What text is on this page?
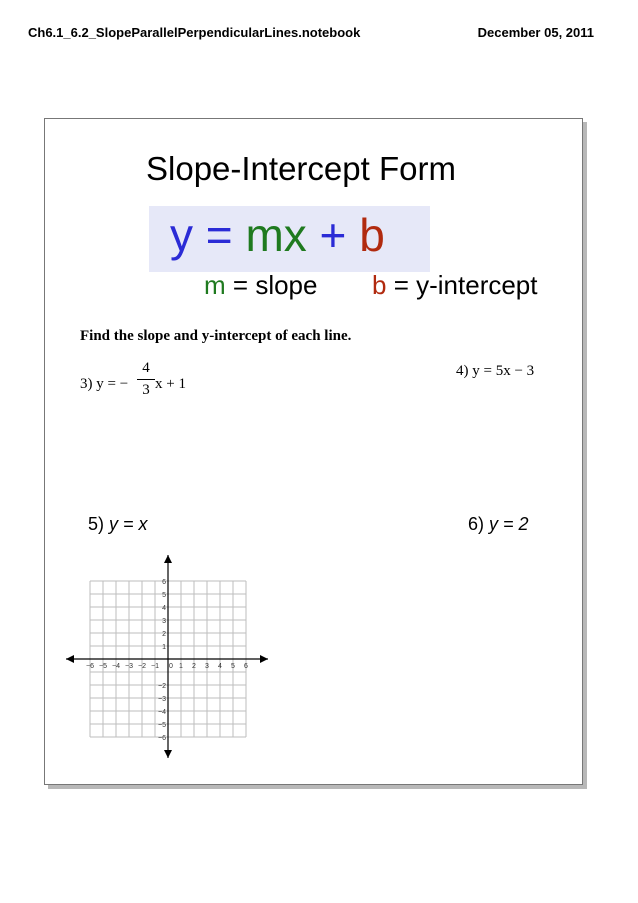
Ch6.1_6.2_SlopeParallelPerpendicularLines.notebook	December 05, 2011
Slope-Intercept Form
y = mx + b
m = slope b = y-intercept
Find the slope and y-intercept of each line.
3) y = −
4
3 x + 1
4) y = 5x − 3
5) y = x	6) y = 2
−6 −5 −4 −3 −2 −1 0 1 2 3 4 5 6
1
2
3
4
5
6
−2
−3
−4
−5
−6
